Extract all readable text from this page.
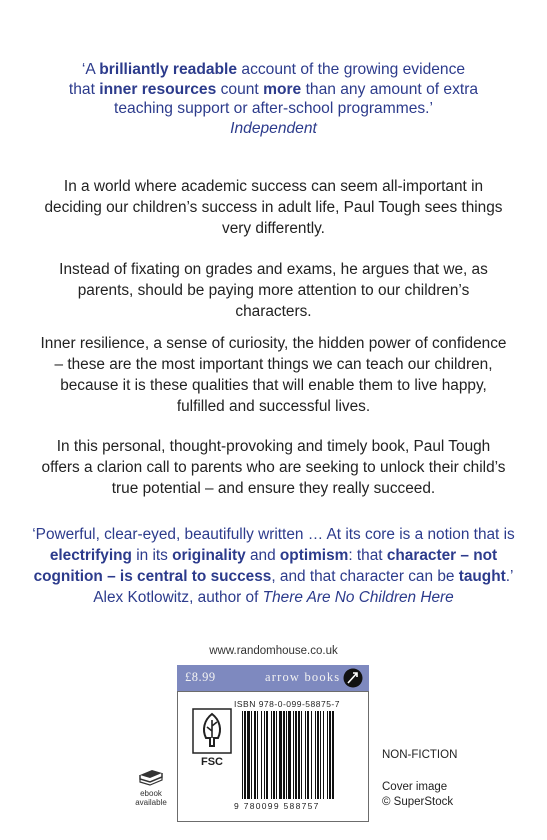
‘A brilliantly readable account of the growing evidence
that inner resources count more than any amount of extra
teaching support or after-school programmes.’
Independent
In a world where academic success can seem all-important in deciding our children’s success in adult life, Paul Tough sees things very differently.
Instead of fixating on grades and exams, he argues that we, as parents, should be paying more attention to our children’s characters.
Inner resilience, a sense of curiosity, the hidden power of confidence – these are the most important things we can teach our children, because it is these qualities that will enable them to live happy, fulfilled and successful lives.
In this personal, thought-provoking and timely book, Paul Tough offers a clarion call to parents who are seeking to unlock their child’s true potential – and ensure they really succeed.
‘Powerful, clear-eyed, beautifully written … At its core is a notion that is electrifying in its originality and optimism: that character – not cognition – is central to success, and that character can be taught.’
Alex Kotlowitz, author of There Are No Children Here
www.randomhouse.co.uk
£8.99	arrow books
FSC
ISBN 978-0-099-58875-7
9 780099 588757
NON-FICTION
Cover image
© SuperStock
ebook
available
